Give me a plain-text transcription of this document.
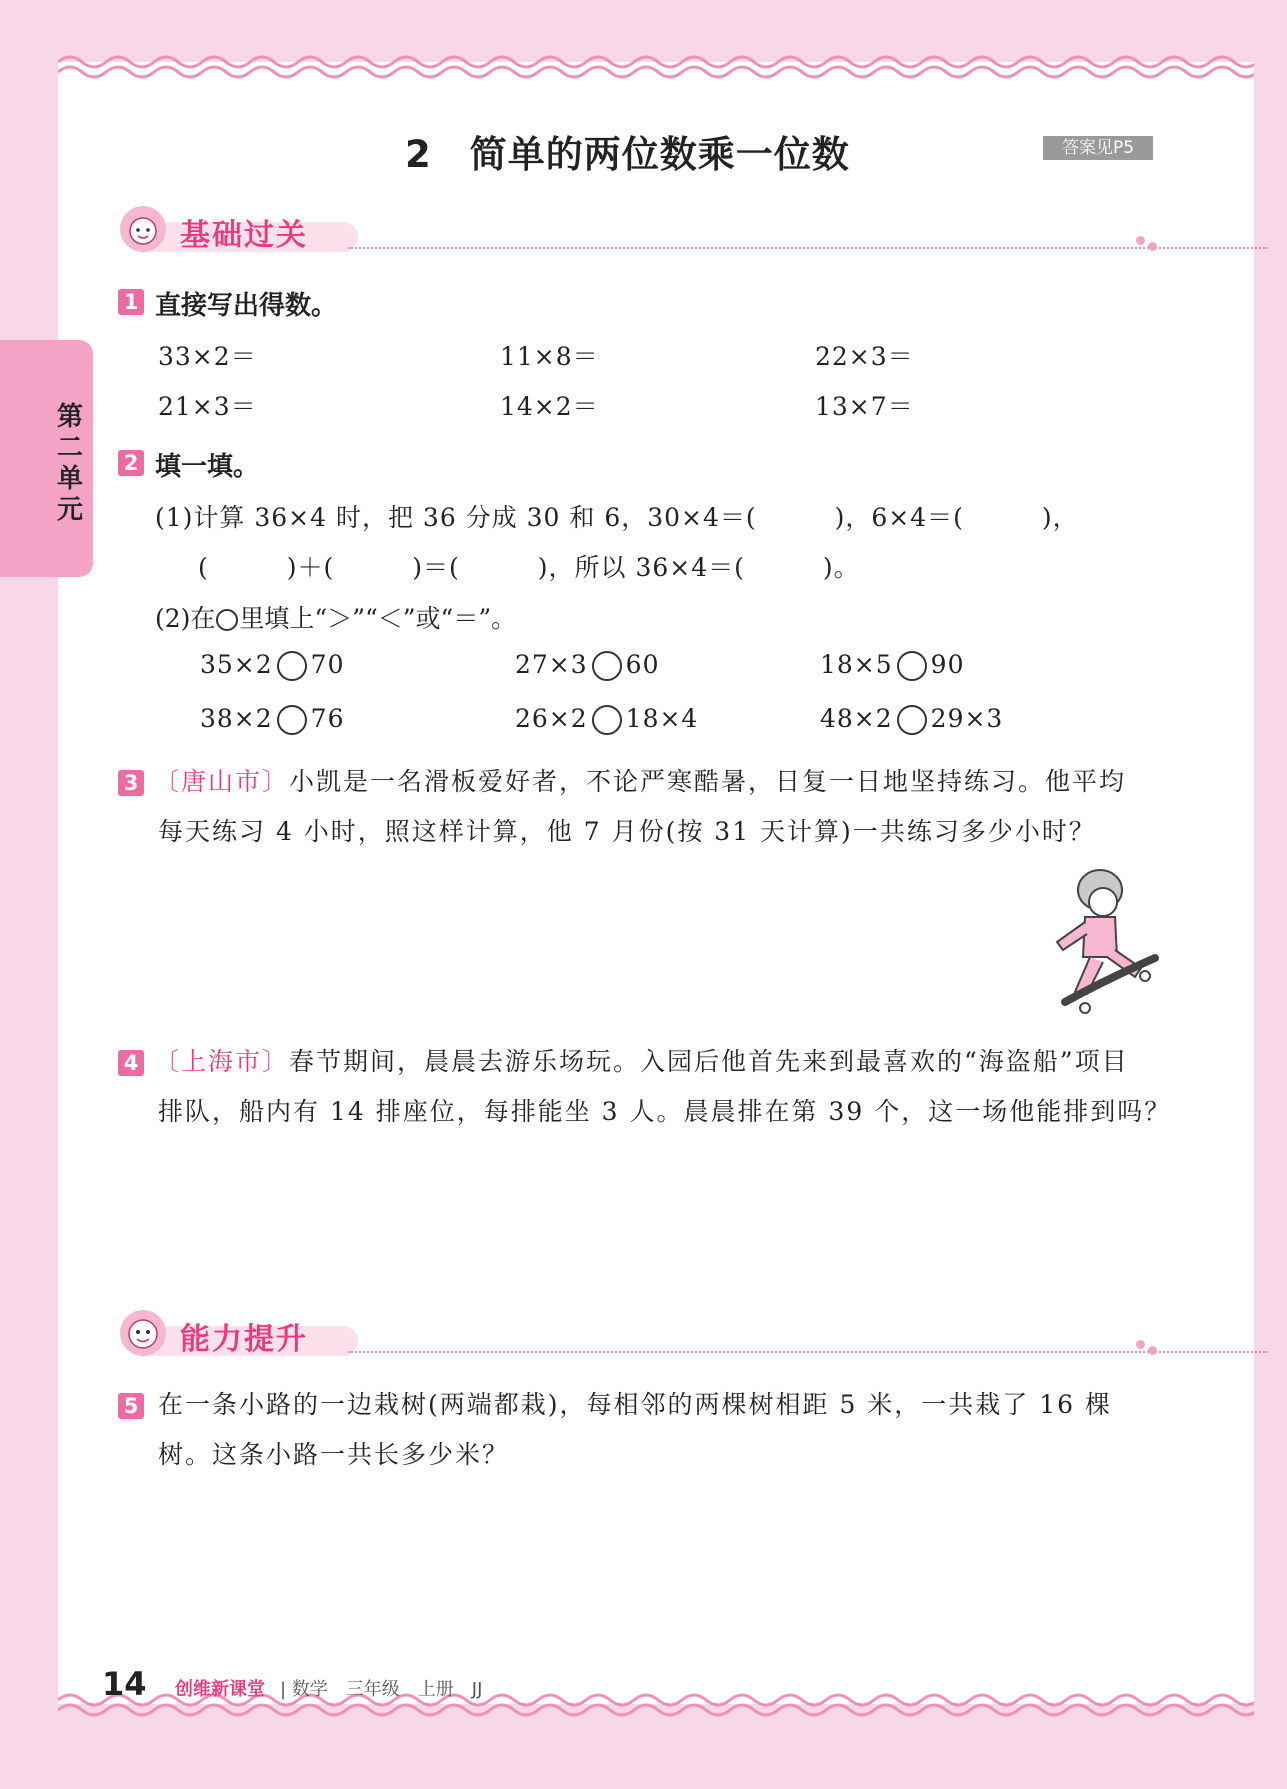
第二单元
2　简单的两位数乘一位数	答案见P5
基础过关
1 直接写出得数。
33×2＝	11×8＝	22×3＝
21×3＝	14×2＝	13×7＝
2 填一填。
(1)计算 36×4 时，把 36 分成 30 和 6，30×4＝(　　　)，6×4＝(　　　)，
(　　　)＋(　　　)＝(　　　)，所以 36×4＝(　　　)。
(2)在 里填上“＞”“＜”或“＝”。
35×2 70	27×3 60	18×5 90
38×2 76	26×2 18×4	48×2 29×3
3 〔唐山市〕小凯是一名滑板爱好者，不论严寒酷暑，日复一日地坚持练习。他平均
每天练习 4 小时，照这样计算，他 7 月份(按 31 天计算)一共练习多少小时？
4 〔上海市〕春节期间，晨晨去游乐场玩。入园后他首先来到最喜欢的“海盗船”项目
排队，船内有 14 排座位，每排能坐 3 人。晨晨排在第 39 个，这一场他能排到吗？
能力提升
5 在一条小路的一边栽树(两端都栽)，每相邻的两棵树相距 5 米，一共栽了 16 棵
树。这条小路一共长多少米？
14 创维新课堂 | 数学　三年级　上册　JJ
